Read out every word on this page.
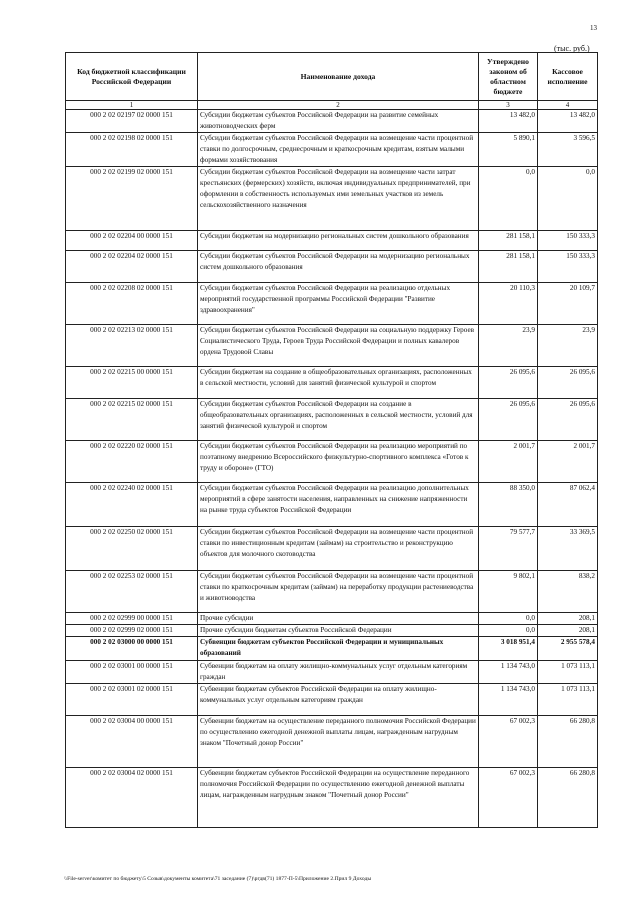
13
(тыс. руб.)
Код бюджетной классификации Российской Федерации	Наименование дохода	Утверждено законом об областном бюджете	Кассовое исполнение
1	2	3	4
000 2 02 02197 02 0000 151	Субсидии бюджетам субъектов Российской Федерации на развитие семейных животноводческих ферм	13 482,0	13 482,0
000 2 02 02198 02 0000 151	Субсидии бюджетам субъектов Российской Федерации на возмещение части процентной ставки по долгосрочным, среднесрочным и краткосрочным кредитам, взятым малыми формами хозяйствования	5 890,1	3 596,5
000 2 02 02199 02 0000 151	Субсидии бюджетам субъектов Российской Федерации на возмещение части затрат крестьянских (фермерских) хозяйств, включая индивидуальных предпринимателей, при оформлении в собственность используемых ими земельных участков из земель сельскохозяйственного назначения	0,0	0,0
000 2 02 02204 00 0000 151	Субсидии бюджетам на модернизацию региональных систем дошкольного образования	281 158,1	150 333,3
000 2 02 02204 02 0000 151	Субсидии бюджетам субъектов Российской Федерации на модернизацию региональных систем дошкольного образования	281 158,1	150 333,3
000 2 02 02208 02 0000 151	Субсидии бюджетам субъектов Российской Федерации на реализацию отдельных мероприятий государственной программы Российской Федерации "Развитие здравоохранения"	20 110,3	20 109,7
000 2 02 02213 02 0000 151	Субсидии бюджетам субъектов Российской Федерации на социальную поддержку Героев Социалистического Труда, Героев Труда Российской Федерации и полных кавалеров ордена Трудовой Славы	23,9	23,9
000 2 02 02215 00 0000 151	Субсидии бюджетам на создание в общеобразовательных организациях, расположенных в сельской местности, условий для занятий физической культурой и спортом	26 095,6	26 095,6
000 2 02 02215 02 0000 151	Субсидии бюджетам субъектов Российской Федерации на создание в общеобразовательных организациях, расположенных в сельской местности, условий для занятий физической культурой и спортом	26 095,6	26 095,6
000 2 02 02220 02 0000 151	Субсидии бюджетам субъектов Российской Федерации на реализацию мероприятий по поэтапному внедрению Всероссийского физкультурно-спортивного комплекса «Готов к труду и обороне» (ГТО)	2 001,7	2 001,7
000 2 02 02240 02 0000 151	Субсидии бюджетам субъектов Российской Федерации на реализацию дополнительных мероприятий в сфере занятости населения, направленных на снижение напряженности на рынке труда субъектов Российской Федерации	88 350,0	87 062,4
000 2 02 02250 02 0000 151	Субсидии бюджетам субъектов Российской Федерации на возмещение части процентной ставки по инвестиционным кредитам (займам) на строительство и реконструкцию объектов для молочного скотоводства	79 577,7	33 369,5
000 2 02 02253 02 0000 151	Субсидии бюджетам субъектов Российской Федерации на возмещение части процентной ставки по краткосрочным кредитам (займам) на переработку продукции растениеводства и животноводства	9 802,1	838,2
000 2 02 02999 00 0000 151	Прочие субсидии	0,0	208,1
000 2 02 02999 02 0000 151	Прочие субсидии бюджетам субъектов Российской Федерации	0,0	208,1
000 2 02 03000 00 0000 151	Субвенции бюджетам субъектов Российской Федерации и муниципальных образований	3 018 951,4	2 955 578,4
000 2 02 03001 00 0000 151	Субвенции бюджетам на оплату жилищно-коммунальных услуг отдельным категориям граждан	1 134 743,0	1 073 113,1
000 2 02 03001 02 0000 151	Субвенции бюджетам субъектов Российской Федерации на оплату жилищно-коммунальных услуг отдельным категориям граждан	1 134 743,0	1 073 113,1
000 2 02 03004 00 0000 151	Субвенции бюджетам на осуществление переданного полномочия Российской Федерации по осуществлению ежегодной денежной выплаты лицам, награжденным нагрудным знаком "Почетный донор России"	67 002,3	66 280,8
000 2 02 03004 02 0000 151	Субвенции бюджетам субъектов Российской Федерации на осуществление переданного полномочия Российской Федерации по осуществлению ежегодной денежной выплаты лицам, награжденным нагрудным знаком "Почетный донор России"	67 002,3	66 280,8
\\File-server\комитет по бюджету\5 Созыв\документы комитета\71 заседание (7)\ргдв(71) 1877-П-5\Приложение 2.Прил 9 Доходы
